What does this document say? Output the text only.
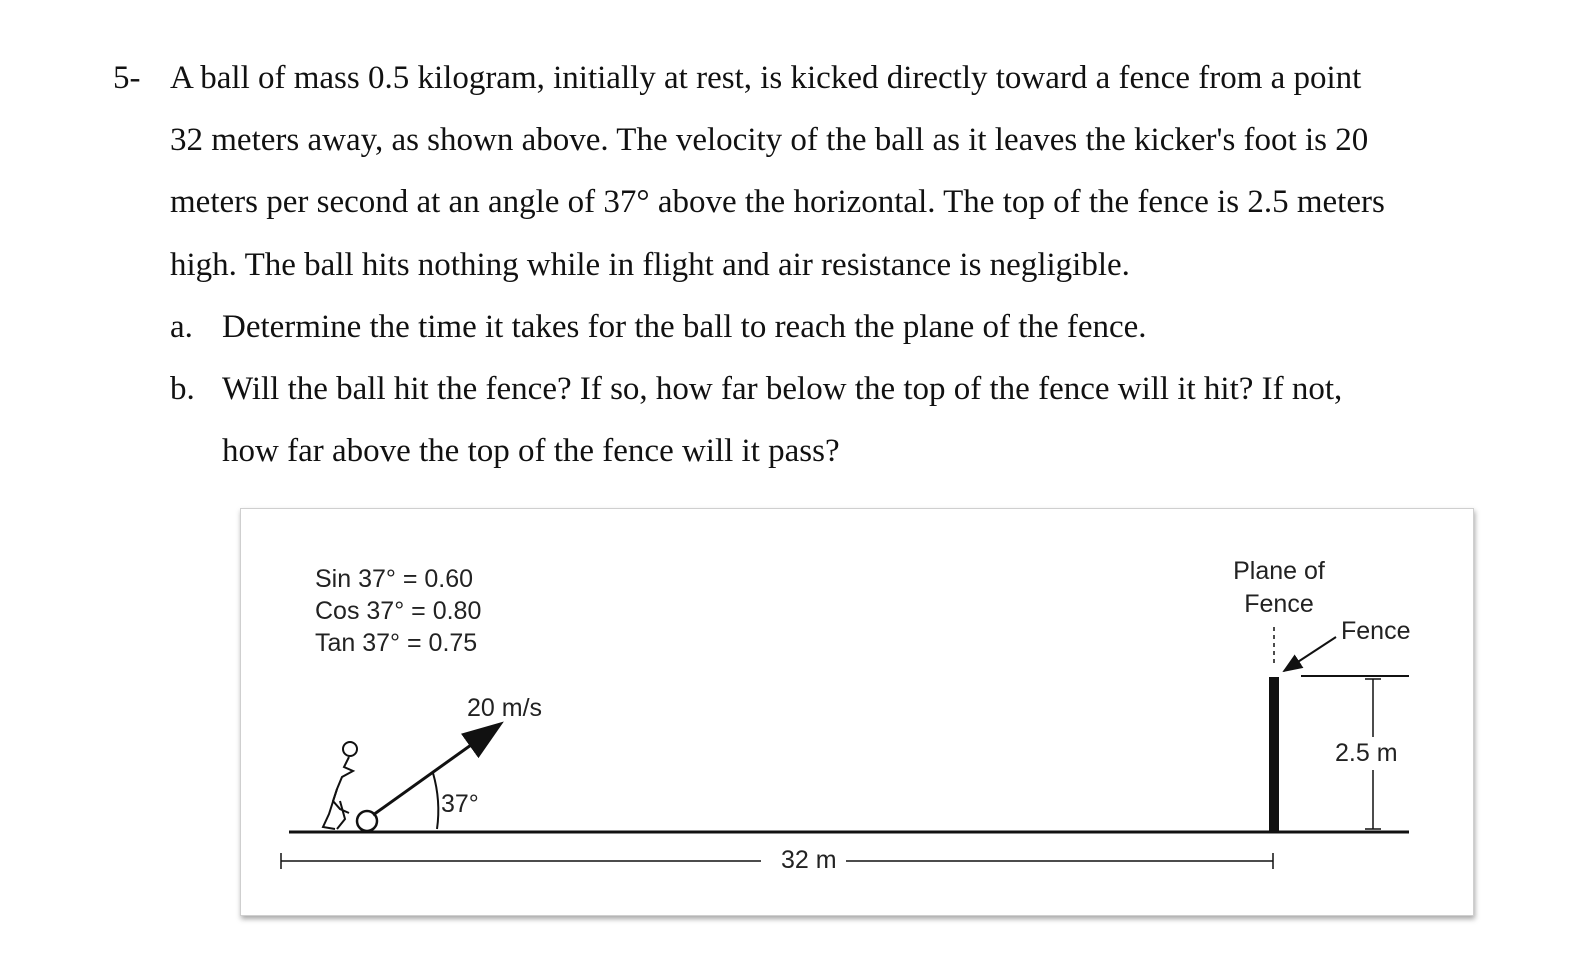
5- A ball of mass 0.5 kilogram, initially at rest, is kicked directly toward a fence from a point
32 meters away, as shown above. The velocity of the ball as it leaves the kicker's foot is 20
meters per second at an angle of 37° above the horizontal. The top of the fence is 2.5 meters
high. The ball hits nothing while in flight and air resistance is negligible.
a. Determine the time it takes for the ball to reach the plane of the fence.
b. Will the ball hit the fence? If so, how far below the top of the fence will it hit? If not,
how far above the top of the fence will it pass?
Sin 37° = 0.60
Cos 37° = 0.80
Tan 37° = 0.75
Plane of
Fence
Fence
20 m/s
37°
2.5 m
32 m
